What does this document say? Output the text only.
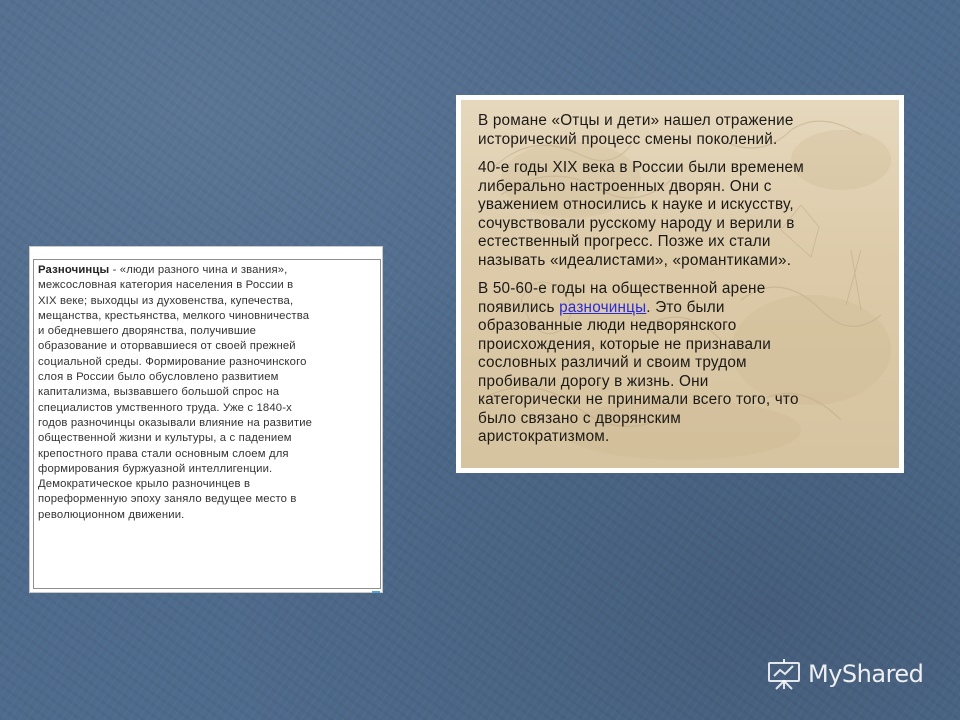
Разночинцы - «люди разного чина и звания»,
межсословная категория населения в России в
XIX веке; выходцы из духовенства, купечества,
мещанства, крестьянства, мелкого чиновничества
и обедневшего дворянства, получившие
образование и оторвавшиеся от своей прежней
социальной среды. Формирование разночинского
слоя в России было обусловлено развитием
капитализма, вызвавшего большой спрос на
специалистов умственного труда. Уже с 1840-х
годов разночинцы оказывали влияние на развитие
общественной жизни и культуры, а с падением
крепостного права стали основным слоем для
формирования буржуазной интеллигенции.
Демократическое крыло разночинцев в
пореформенную эпоху заняло ведущее место в
революционном движении.

В романе «Отцы и дети» нашел отражение
исторический процесс смены поколений.

40-е годы XIX века в России были временем
либерально настроенных дворян. Они с
уважением относились к науке и искусству,
сочувствовали русскому народу и верили в
естественный прогресс. Позже их стали
называть «идеалистами», «романтиками».

В 50-60-е годы на общественной арене
появились разночинцы. Это были
образованные люди недворянского
происхождения, которые не признавали
сословных различий и своим трудом
пробивали дорогу в жизнь. Они
категорически не принимали всего того, что
было связано с дворянским
аристократизмом.

MyShared
